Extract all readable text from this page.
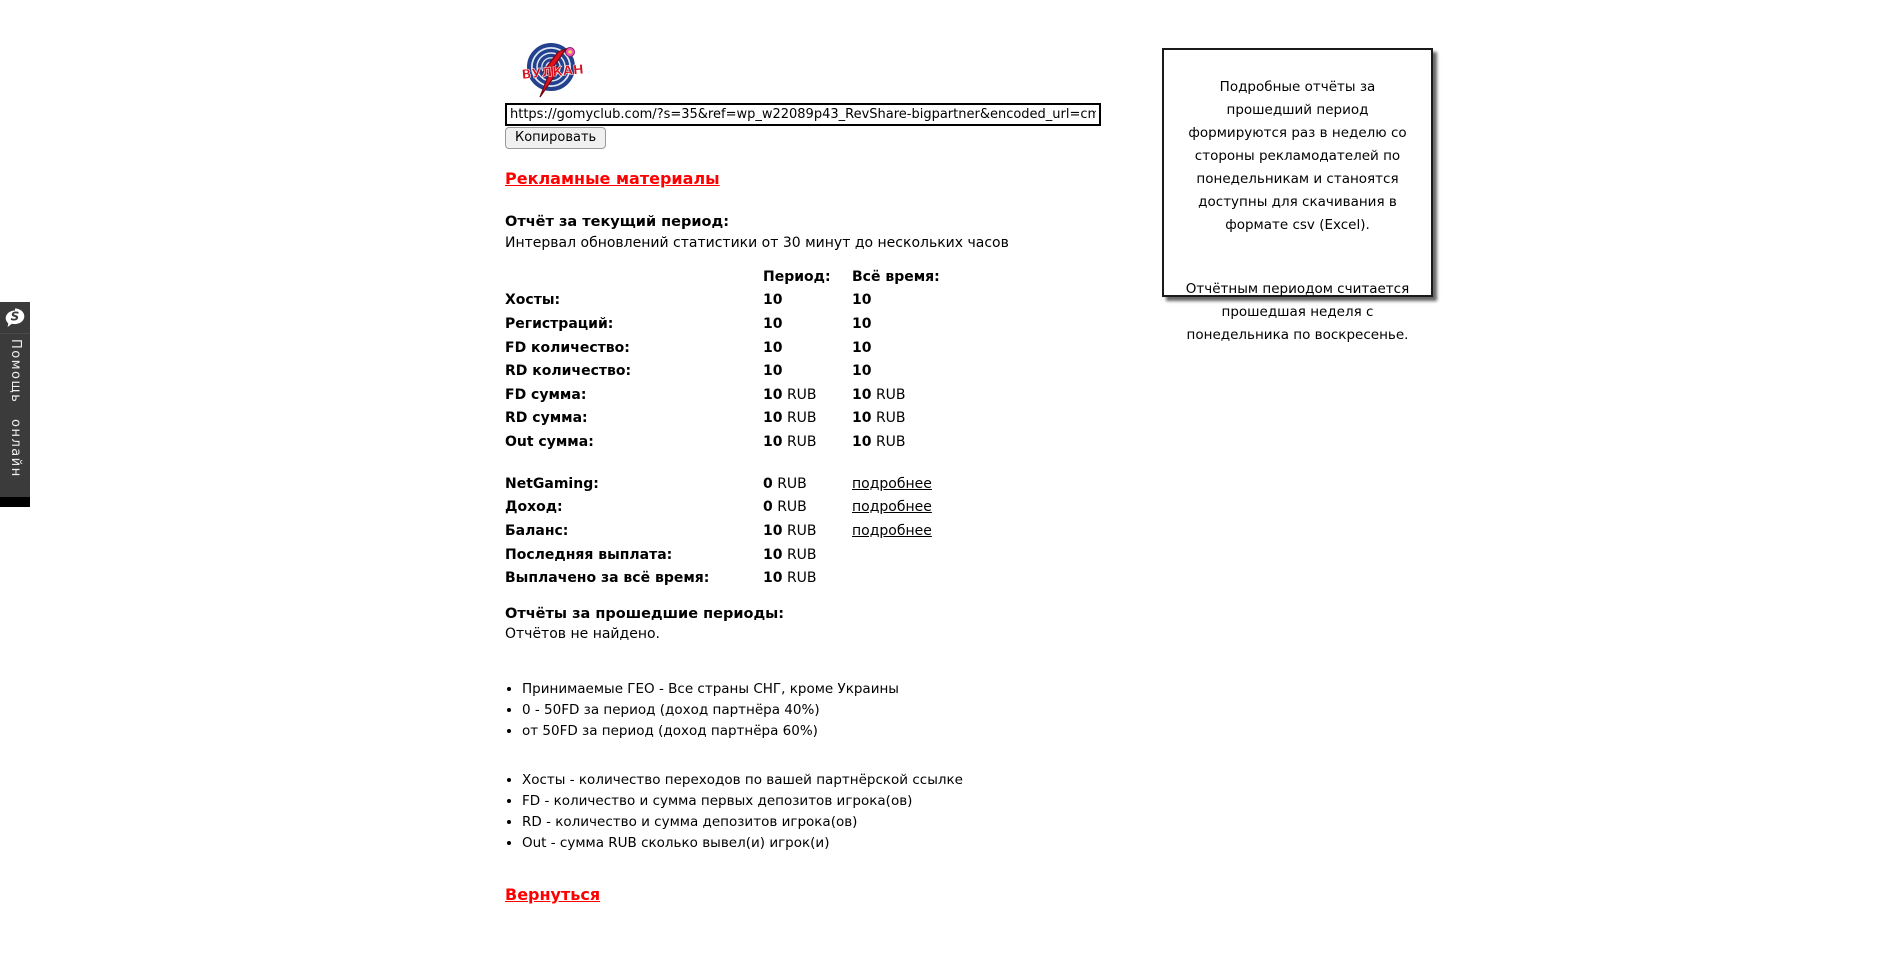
S
Помощь онлайн
ВУЛКАН
https://gomyclub.com/?s=35&ref=wp_w22089p43_RevShare-bigpartner&encoded_url=cmVnaXN
Копировать
Рекламные материалы
Отчёт за текущий период:
Интервал обновлений статистики от 30 минут до нескольких часов
Период:	Всё время:
Хосты:	10	10
Регистраций:	10	10
FD количество:	10	10
RD количество:	10	10
FD сумма:	10 RUB	10 RUB
RD сумма:	10 RUB	10 RUB
Out сумма:	10 RUB	10 RUB
NetGaming:	0 RUB	подробнее
Доход:	0 RUB	подробнее
Баланс:	10 RUB	подробнее
Последняя выплата:	10 RUB
Выплачено за всё время:	10 RUB
Отчёты за прошедшие периоды:
Отчётов не найдено.
• Принимаемые ГЕО - Все страны СНГ, кроме Украины
• 0 - 50FD за период (доход партнёра 40%)
• от 50FD за период (доход партнёра 60%)
• Хосты - количество переходов по вашей партнёрской ссылке
• FD - количество и сумма первых депозитов игрока(ов)
• RD - количество и сумма депозитов игрока(ов)
• Out - сумма RUB сколько вывел(и) игрок(и)
Вернуться

Подробные отчёты за прошедший период формируются раз в неделю со стороны рекламодателей по понедельникам и станоятся доступны для скачивания в формате csv (Excel).

Отчётным периодом считается прошедшая неделя с понедельника по воскресенье.
